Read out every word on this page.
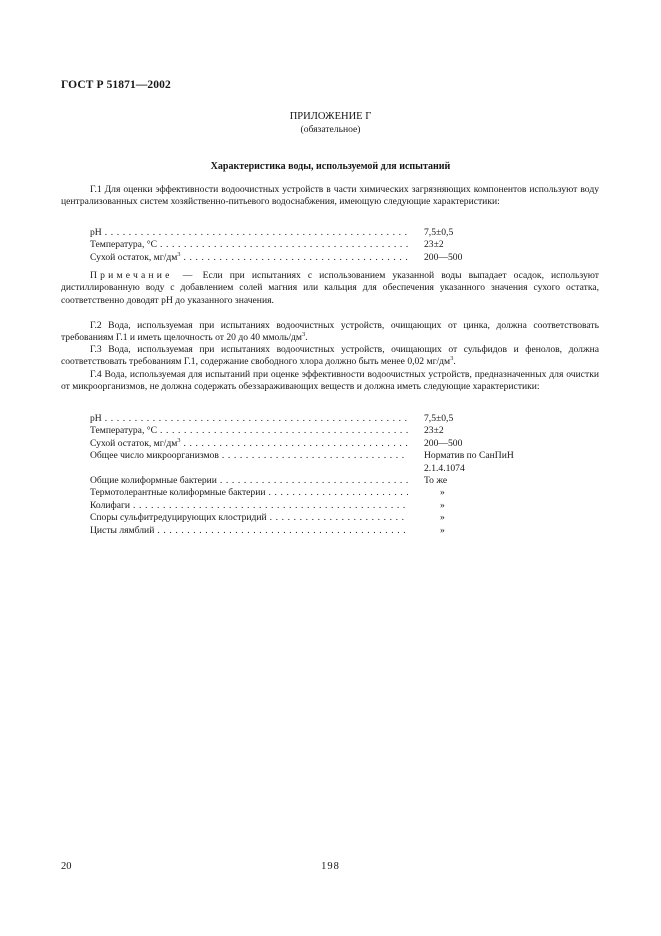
ГОСТ Р 51871—2002
ПРИЛОЖЕНИЕ Г
(обязательное)
Характеристика воды, используемой для испытаний
Г.1 Для оценки эффективности водоочистных устройств в части химических загрязняющих компонентов используют воду централизованных систем хозяйственно-питьевого водоснабжения, имеющую следующие характеристики:
pH . . .	7,5±0,5
Температура, °С . . .	23±2
Сухой остаток, $мг/дм^3$ . . .	200—500
Примечание — Если при испытаниях с использованием указанной воды выпадает осадок, используют дистиллированную воду с добавлением солей магния или кальция для обеспечения указанного значения сухого остатка, соответственно доводят pH до указанного значения.
Г.2 Вода, используемая при испытаниях водоочистных устройств, очищающих от цинка, должна соответствовать требованиям Г.1 и иметь щелочность от 20 до 40 ммоль/$дм^3$.
Г.3 Вода, используемая при испытаниях водоочистных устройств, очищающих от сульфидов и фенолов, должна соответствовать требованиям Г.1, содержание свободного хлора должно быть менее 0,02 $мг/дм^3$.
Г.4 Вода, используемая для испытаний при оценке эффективности водоочистных устройств, предназначенных для очистки от микроорганизмов, не должна содержать обеззараживающих веществ и должна иметь следующие характеристики:
pH . . .	7,5±0,5
Температура, °С . . .	23±2
Сухой остаток, $мг/дм^3$ . . .	200—500
Общее число микроорганизмов . . .	Норматив по СанПиН
2.1.4.1074
Общие колиформные бактерии . . .	То же
Термотолерантные колиформные бактерии . . .	»
Колифаги . . .	»
Споры сульфитредуцирующих клостридий . . .	»
Цисты лямблий . . .	»
20	198
